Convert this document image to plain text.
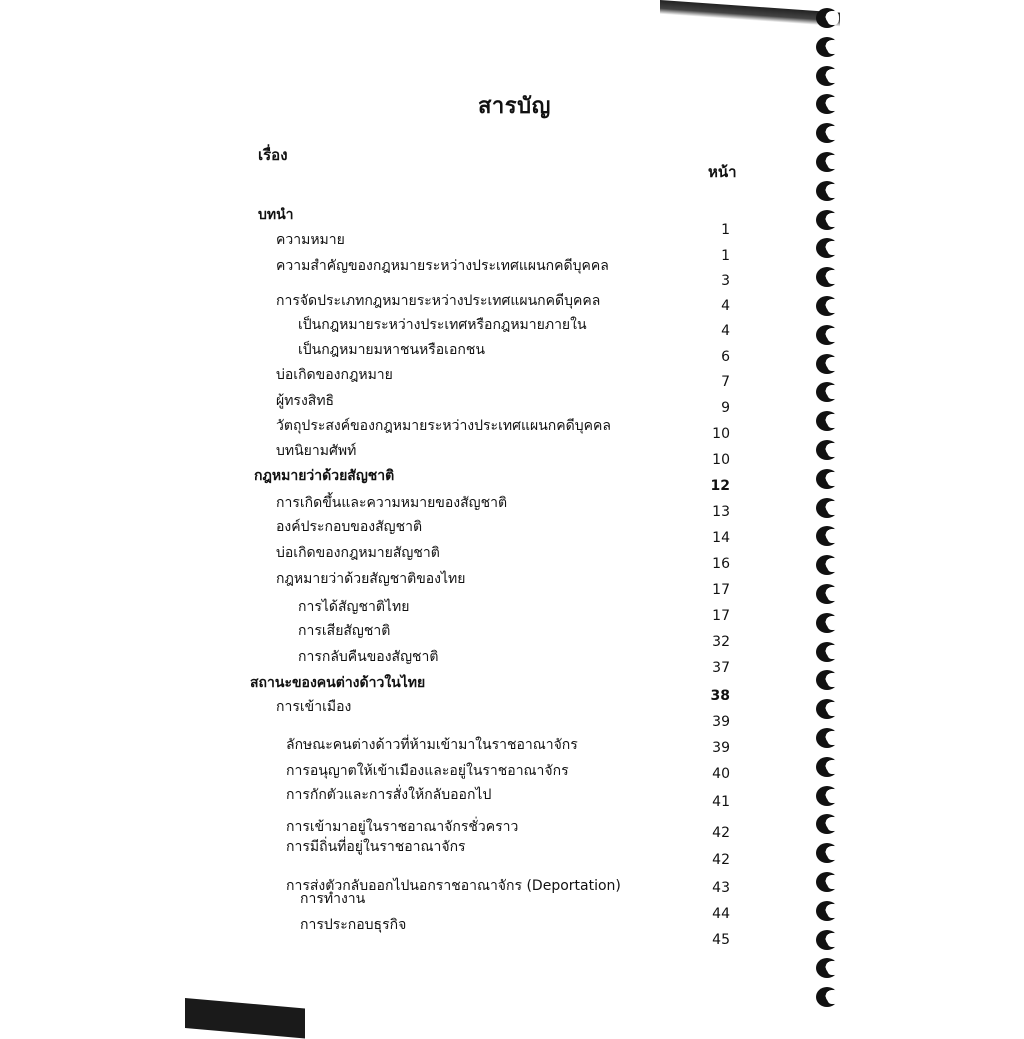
สารบัญ
เรื่อง
หน้า
บทนำ
ความหมาย
ความสำคัญของกฎหมายระหว่างประเทศแผนกคดีบุคคล
การจัดประเภทกฎหมายระหว่างประเทศแผนกคดีบุคคล
เป็นกฎหมายระหว่างประเทศหรือกฎหมายภายใน
เป็นกฎหมายมหาชนหรือเอกชน
บ่อเกิดของกฎหมาย
ผู้ทรงสิทธิ
วัตถุประสงค์ของกฎหมายระหว่างประเทศแผนกคดีบุคคล
บทนิยามศัพท์
กฎหมายว่าด้วยสัญชาติ
การเกิดขึ้นและความหมายของสัญชาติ
องค์ประกอบของสัญชาติ
บ่อเกิดของกฎหมายสัญชาติ
กฎหมายว่าด้วยสัญชาติของไทย
การได้สัญชาติไทย
การเสียสัญชาติ
การกลับคืนของสัญชาติ
สถานะของคนต่างด้าวในไทย
การเข้าเมือง
ลักษณะคนต่างด้าวที่ห้ามเข้ามาในราชอาณาจักร
การอนุญาตให้เข้าเมืองและอยู่ในราชอาณาจักร
การกักตัวและการสั่งให้กลับออกไป
การเข้ามาอยู่ในราชอาณาจักรชั่วคราว
การมีถิ่นที่อยู่ในราชอาณาจักร
การส่งตัวกลับออกไปนอกราชอาณาจักร (Deportation)
การทำงาน
การประกอบธุรกิจ
1
1
3
4
4
6
7
9
10
10
12
13
14
16
17
17
32
37
38
39
39
40
41
42
42
43
44
45
